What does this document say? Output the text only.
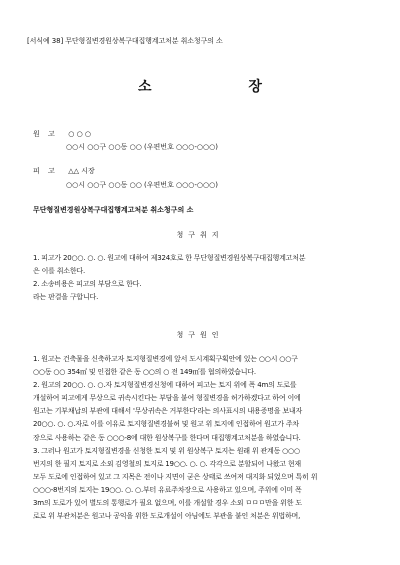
[서식예 38] 무단형질변경원상복구대집행계고처분 취소청구의 소
소 장
원 고 ○ ○ ○
○○시 ○○구 ○○동 ○○ (우편번호 ○○○-○○○)
피 고 △△ 시장
○○시 ○○구 ○○동 ○○ (우편번호 ○○○-○○○)
무단형질변경원상복구대집행계고처분 취소청구의 소
청구취지
1. 피고가 20○○. ○. ○. 원고에 대하여 제324호로 한 무단형질변경원상복구대집행계고처분
은 이를 취소한다.
2. 소송비용은 피고의 부담으로 한다.
라는 판결을 구합니다.
청구원인
1. 원고는 건축물을 신축하고자 토지형질변경에 앞서 도시계획구획안에 있는 ○○시 ○○구
○○동 ○○ 354㎡ 및 인접한 같은 동 ○○의 ○ 전 149㎡를 협의하였습니다.
2. 원고의 20○○. ○. ○.자 토지형질변경신청에 대하여 피고는 토지 위에 폭 4m의 도로를
개설하여 피고에게 무상으로 귀속시킨다는 부담을 붙여 형질변경을 허가하겠다고 하여 이에
원고는 기부채납의 부관에 대해서 '무상귀속은 거부한다'라는 의사표시의 내용증명을 보내자
20○○. ○. ○.자로 이를 이유로 토지형질변경불허 및 원고 위 토지에 인접하여 원고가 주차
장으로 사용하는 같은 동 ○○○-8에 대한 원상복구를 한다며 대집행계고처분을 하였습니다.
3. 그러나 원고가 토지형질변경을 신청한 토지 및 위 원상복구 토지는 원래 위 관계동 ○○○
번지의 한 필지 토지로 소외 김영철의 토지로 19○○. ○. ○. 각각으로 분할되어 나왔고 현재
모두 도로에 인접하여 있고 그 지목은 전이나 지면이 굳은 상태로 쓰여져 대지화 되었으며 특히 위
○○○-8번지의 토지는 19○○. ○. ○.부터 유료주차장으로 사용하고 있으며, 주위에 이미 폭
3m의 도로가 있어 별도의 통행로가 필요 없으며, 이를 개설할 경우 소외 ㅁㅁㅁ만을 위한 도
로로 위 부관처분은 원고나 공익을 위한 도로개설이 아님에도 부관을 붙인 처분은 위법하며,
